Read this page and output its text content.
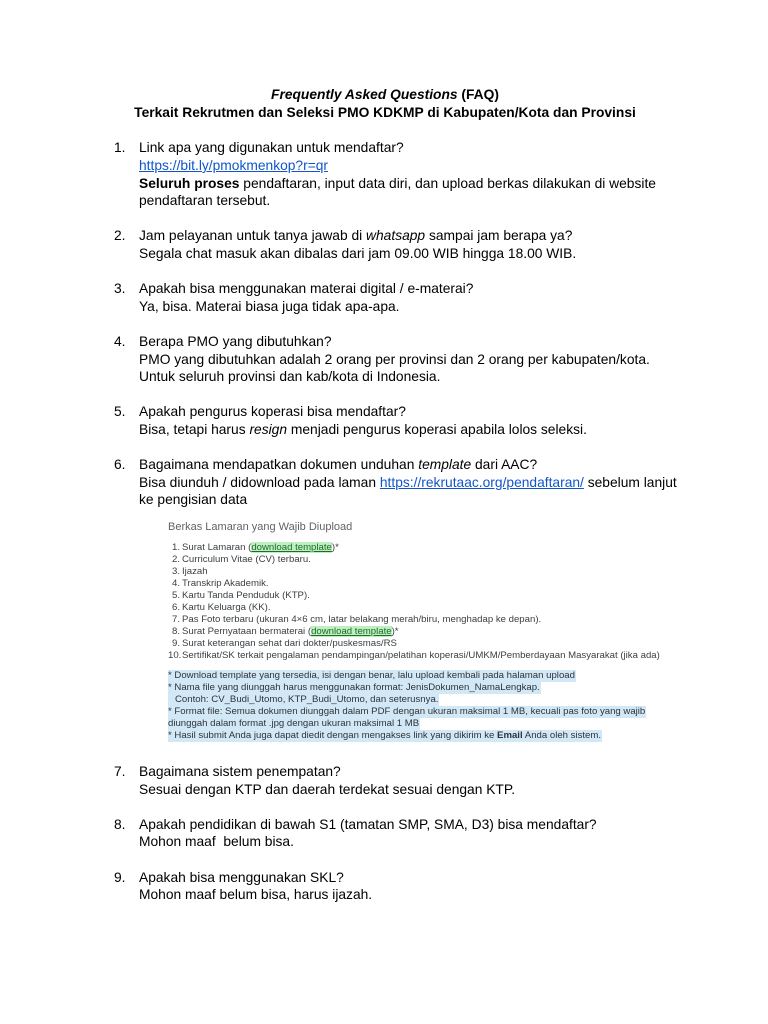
Frequently Asked Questions (FAQ)
Terkait Rekrutmen dan Seleksi PMO KDKMP di Kabupaten/Kota dan Provinsi
1. Link apa yang digunakan untuk mendaftar?
https://bit.ly/pmokmenkop?r=qr
Seluruh proses pendaftaran, input data diri, dan upload berkas dilakukan di website pendaftaran tersebut.
2. Jam pelayanan untuk tanya jawab di whatsapp sampai jam berapa ya?
Segala chat masuk akan dibalas dari jam 09.00 WIB hingga 18.00 WIB.
3. Apakah bisa menggunakan materai digital / e-materai?
Ya, bisa. Materai biasa juga tidak apa-apa.
4. Berapa PMO yang dibutuhkan?
PMO yang dibutuhkan adalah 2 orang per provinsi dan 2 orang per kabupaten/kota.
Untuk seluruh provinsi dan kab/kota di Indonesia.
5. Apakah pengurus koperasi bisa mendaftar?
Bisa, tetapi harus resign menjadi pengurus koperasi apabila lolos seleksi.
6. Bagaimana mendapatkan dokumen unduhan template dari AAC?
Bisa diunduh / didownload pada laman https://rekrutaac.org/pendaftaran/ sebelum lanjut ke pengisian data
Berkas Lamaran yang Wajib Diupload
1. Surat Lamaran (download template)*
2. Curriculum Vitae (CV) terbaru.
3. Ijazah
4. Transkrip Akademik.
5. Kartu Tanda Penduduk (KTP).
6. Kartu Keluarga (KK).
7. Pas Foto terbaru (ukuran 4×6 cm, latar belakang merah/biru, menghadap ke depan).
8. Surat Pernyataan bermaterai (download template)*
9. Surat keterangan sehat dari dokter/puskesmas/RS
10.Sertifikat/SK terkait pengalaman pendampingan/pelatihan koperasi/UMKM/Pemberdayaan Masyarakat (jika ada)
* Download template yang tersedia, isi dengan benar, lalu upload kembali pada halaman upload
* Nama file yang diunggah harus menggunakan format: JenisDokumen_NamaLengkap.
Contoh: CV_Budi_Utomo, KTP_Budi_Utomo, dan seterusnya.
* Format file: Semua dokumen diunggah dalam PDF dengan ukuran maksimal 1 MB, kecuali pas foto yang wajib
diunggah dalam format .jpg dengan ukuran maksimal 1 MB
* Hasil submit Anda juga dapat diedit dengan mengakses link yang dikirim ke Email Anda oleh sistem.
7. Bagaimana sistem penempatan?
Sesuai dengan KTP dan daerah terdekat sesuai dengan KTP.
8. Apakah pendidikan di bawah S1 (tamatan SMP, SMA, D3) bisa mendaftar?
Mohon maaf  belum bisa.
9. Apakah bisa menggunakan SKL?
Mohon maaf belum bisa, harus ijazah.
